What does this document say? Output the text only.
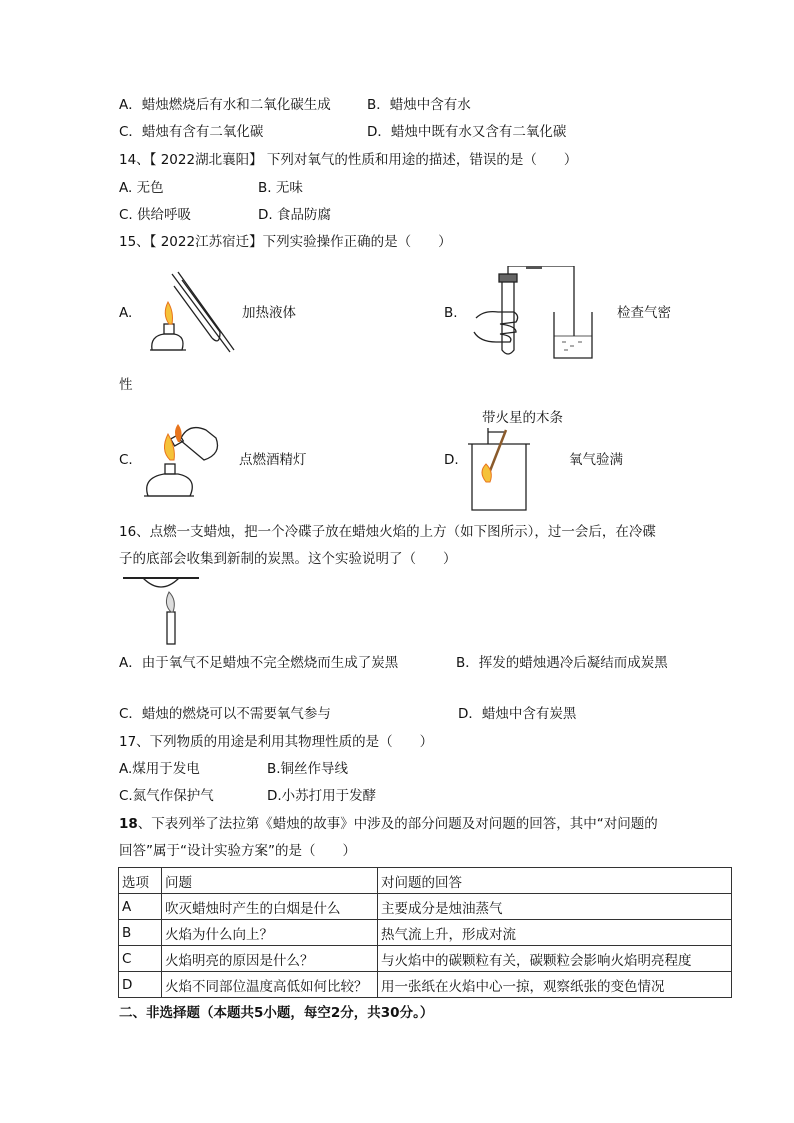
A．蜡烛燃烧后有水和二氧化碳生成	B．蜡烛中含有水
C．蜡烛有含有二氧化碳	D．蜡烛中既有水又含有二氧化碳
14、【 2022湖北襄阳】 下列对氧气的性质和用途的描述，错误的是（　　）
A. 无色	B. 无味
C. 供给呼吸	D. 食品防腐
15、【 2022江苏宿迁】下列实验操作正确的是（　　）
A.	加热液体	B.	检查气密
性
C.	点燃酒精灯
带火星的木条
D.	氧气验满
16、点燃一支蜡烛，把一个冷碟子放在蜡烛火焰的上方（如下图所示），过一会后，在冷碟
子的底部会收集到新制的炭黑。这个实验说明了（　　）
A．由于氧气不足蜡烛不完全燃烧而生成了炭黑	B．挥发的蜡烛遇冷后凝结而成炭黑
C．蜡烛的燃烧可以不需要氧气参与	D．蜡烛中含有炭黑
17、下列物质的用途是利用其物理性质的是（　　）
A.煤用于发电	B.铜丝作导线
C.氮气作保护气	D.小苏打用于发酵
18、下表列举了法拉第《蜡烛的故事》中涉及的部分问题及对问题的回答，其中“对问题的
回答”属于“设计实验方案”的是（　　）
选项	问题	对问题的回答
A	吹灭蜡烛时产生的白烟是什么	主要成分是烛油蒸气
B	火焰为什么向上？	热气流上升，形成对流
C	火焰明亮的原因是什么？	与火焰中的碳颗粒有关，碳颗粒会影响火焰明亮程度
D	火焰不同部位温度高低如何比较？	用一张纸在火焰中心一掠，观察纸张的变色情况
二、非选择题（本题共5小题，每空2分，共30分。）
